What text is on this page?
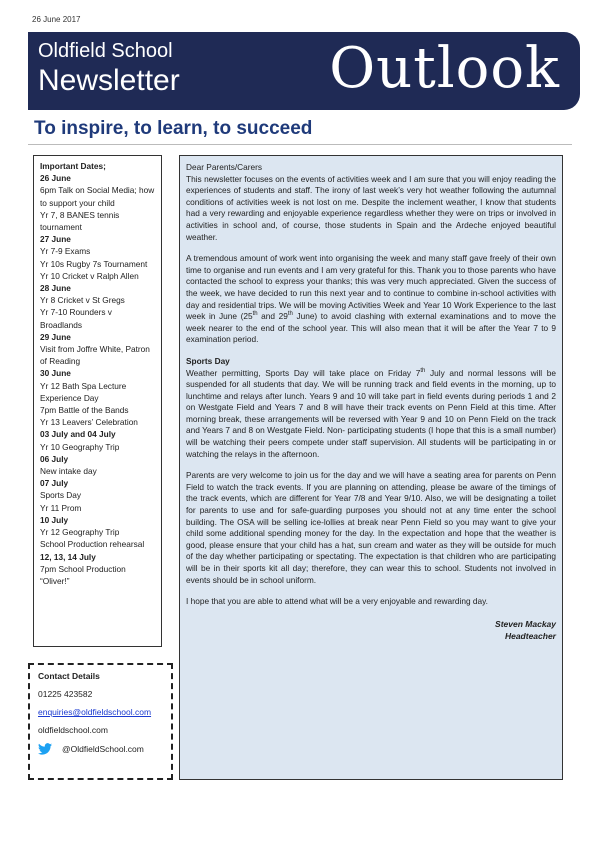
26 June 2017
Oldfield School
Newsletter	Outlook
To inspire, to learn, to succeed
Important Dates;
26 June
6pm Talk on Social Media; how to support your child
Yr 7, 8 BANES tennis tournament
27 June
Yr 7-9 Exams
Yr 10s Rugby 7s Tournament
Yr 10 Cricket v Ralph Allen
28 June
Yr 8 Cricket v St Gregs
Yr 7-10 Rounders v Broadlands
29 June
Visit from Joffre White, Patron of Reading
30 June
Yr 12 Bath Spa Lecture Experience Day
7pm Battle of the Bands
Yr 13 Leavers’ Celebration
03 July and 04 July
Yr 10 Geography Trip
06 July
New intake day
07 July
Sports Day
Yr 11 Prom
10 July
Yr 12 Geography Trip
School Production rehearsal
12, 13, 14 July
7pm School Production “Oliver!”
Contact Details
01225 423582
enquiries@oldfieldschool.com
oldfieldschool.com
@OldfieldSchool.com

Dear Parents/Carers

This newsletter focuses on the events of activities week and I am sure that you will enjoy reading the experiences of students and staff. The irony of last week’s very hot weather following the autumnal conditions of activities week is not lost on me. Despite the inclement weather, I know that students had a very rewarding and enjoyable experience regardless whether they were on trips or involved in activities in school and, of course, those students in Spain and the Ardeche enjoyed beautiful weather.

A tremendous amount of work went into organising the week and many staff gave freely of their own time to organise and run events and I am very grateful for this. Thank you to those parents who have contacted the school to express your thanks; this was very much appreciated. Given the success of the week, we have decided to run this next year and to continue to combine in-school activities with day and residential trips. We will be moving Activities Week and Year 10 Work Experience to the last week in June (25th and 29th June) to avoid clashing with external examinations and to move the week nearer to the end of the school year. This will also mean that it will be after the Year 7 to 9 examination period.

Sports Day

Weather permitting, Sports Day will take place on Friday 7th July and normal lessons will be suspended for all students that day. We will be running track and field events in the morning, up to lunchtime and relays after lunch. Years 9 and 10 will take part in field events during periods 1 and 2 on Westgate Field and Years 7 and 8 will have their track events on Penn Field at this time. After morning break, these arrangements will be reversed with Year 9 and 10 on Penn Field on the track and Years 7 and 8 on Westgate Field. Non- participating students (I hope that this is a small number) will be watching their peers compete under staff supervision. All students will be participating in or watching the relays in the afternoon.

Parents are very welcome to join us for the day and we will have a seating area for parents on Penn Field to watch the track events. If you are planning on attending, please be aware of the timings of the track events, which are different for Year 7/8 and Year 9/10. Also, we will be designating a toilet for parents to use and for safe-guarding purposes you should not at any time enter the school building. The OSA will be selling ice-lollies at break near Penn Field so you may want to give your child some additional spending money for the day. In the expectation and hope that the weather is good, please ensure that your child has a hat, sun cream and water as they will be outside for much of the day whether participating or spectating. The expectation is that children who are participating will be in their sports kit all day; therefore, they can wear this to school. Students not involved in events should be in school uniform.

I hope that you are able to attend what will be a very enjoyable and rewarding day.

Steven Mackay
Headteacher
